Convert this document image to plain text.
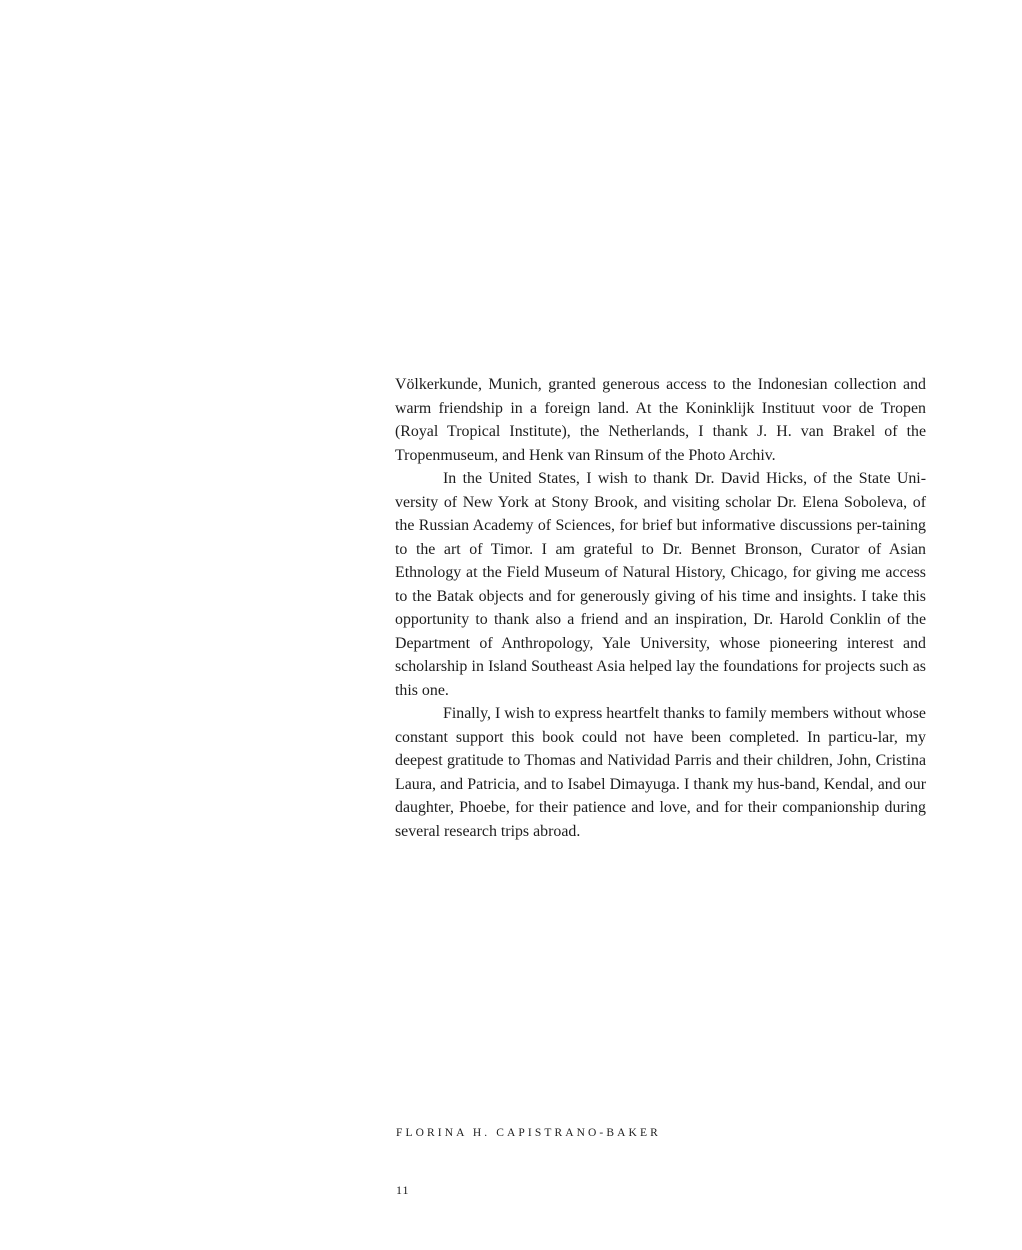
Völkerkunde, Munich, granted generous access to the Indonesian collection and warm friendship in a foreign land. At the Koninklijk Instituut voor de Tropen (Royal Tropical Institute), the Netherlands, I thank J. H. van Brakel of the Tropenmuseum, and Henk van Rinsum of the Photo Archiv.

In the United States, I wish to thank Dr. David Hicks, of the State Uni-versity of New York at Stony Brook, and visiting scholar Dr. Elena Soboleva, of the Russian Academy of Sciences, for brief but informative discussions per-taining to the art of Timor. I am grateful to Dr. Bennet Bronson, Curator of Asian Ethnology at the Field Museum of Natural History, Chicago, for giving me access to the Batak objects and for generously giving of his time and insights. I take this opportunity to thank also a friend and an inspiration, Dr. Harold Conklin of the Department of Anthropology, Yale University, whose pioneering interest and scholarship in Island Southeast Asia helped lay the foundations for projects such as this one.

Finally, I wish to express heartfelt thanks to family members without whose constant support this book could not have been completed. In particu-lar, my deepest gratitude to Thomas and Natividad Parris and their children, John, Cristina Laura, and Patricia, and to Isabel Dimayuga. I thank my hus-band, Kendal, and our daughter, Phoebe, for their patience and love, and for their companionship during several research trips abroad.

FLORINA H. CAPISTRANO-BAKER
11
